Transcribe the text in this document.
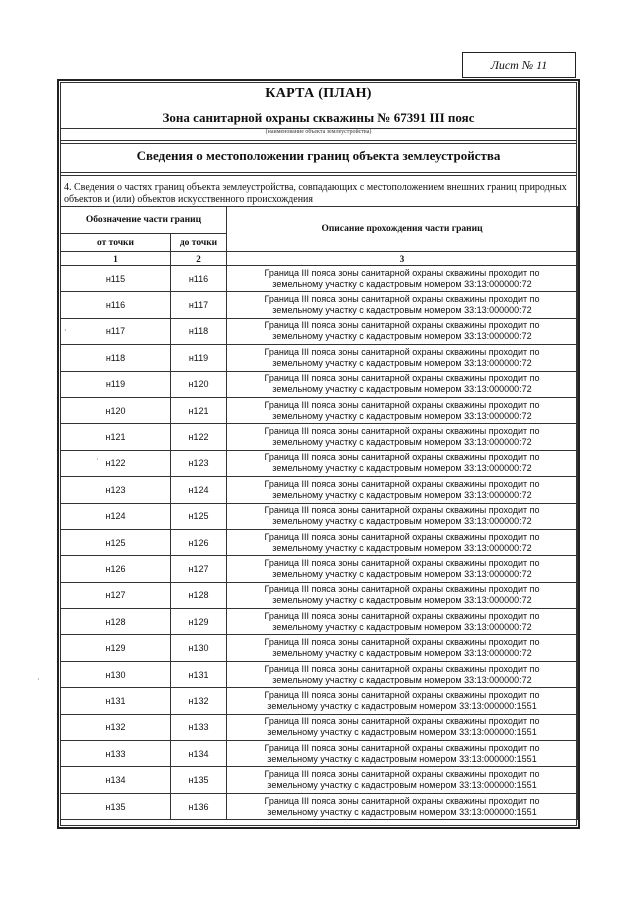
Лист № 11
КАРТА (ПЛАН)
Зона санитарной охраны скважины № 67391 III пояс
(наименование объекта землеустройства)
Сведения о местоположении границ объекта землеустройства
4. Сведения о частях границ объекта землеустройства, совпадающих с местоположением внешних границ природных объектов и (или) объектов искусственного происхождения
Обозначение части границ		Описание прохождения части границ
от точки	до точки	
1	2	3
н115	н116	Граница III пояса зоны санитарной охраны скважины проходит по
земельному участку с кадастровым номером 33:13:000000:72

н116	н117	Граница III пояса зоны санитарной охраны скважины проходит по
земельному участку с кадастровым номером 33:13:000000:72

н117	н118	Граница III пояса зоны санитарной охраны скважины проходит по
земельному участку с кадастровым номером 33:13:000000:72

н118	н119	Граница III пояса зоны санитарной охраны скважины проходит по
земельному участку с кадастровым номером 33:13:000000:72

н119	н120	Граница III пояса зоны санитарной охраны скважины проходит по
земельному участку с кадастровым номером 33:13:000000:72

н120	н121	Граница III пояса зоны санитарной охраны скважины проходит по
земельному участку с кадастровым номером 33:13:000000:72

н121	н122	Граница III пояса зоны санитарной охраны скважины проходит по
земельному участку с кадастровым номером 33:13:000000:72

н122	н123	Граница III пояса зоны санитарной охраны скважины проходит по
земельному участку с кадастровым номером 33:13:000000:72

н123	н124	Граница III пояса зоны санитарной охраны скважины проходит по
земельному участку с кадастровым номером 33:13:000000:72

н124	н125	Граница III пояса зоны санитарной охраны скважины проходит по
земельному участку с кадастровым номером 33:13:000000:72

н125	н126	Граница III пояса зоны санитарной охраны скважины проходит по
земельному участку с кадастровым номером 33:13:000000:72

н126	н127	Граница III пояса зоны санитарной охраны скважины проходит по
земельному участку с кадастровым номером 33:13:000000:72

н127	н128	Граница III пояса зоны санитарной охраны скважины проходит по
земельному участку с кадастровым номером 33:13:000000:72

н128	н129	Граница III пояса зоны санитарной охраны скважины проходит по
земельному участку с кадастровым номером 33:13:000000:72

н129	н130	Граница III пояса зоны санитарной охраны скважины проходит по
земельному участку с кадастровым номером 33:13:000000:72

н130	н131	Граница III пояса зоны санитарной охраны скважины проходит по
земельному участку с кадастровым номером 33:13:000000:72

н131	н132	Граница III пояса зоны санитарной охраны скважины проходит по
земельному участку с кадастровым номером 33:13:000000:1551

н132	н133	Граница III пояса зоны санитарной охраны скважины проходит по
земельному участку с кадастровым номером 33:13:000000:1551

н133	н134	Граница III пояса зоны санитарной охраны скважины проходит по
земельному участку с кадастровым номером 33:13:000000:1551

н134	н135	Граница III пояса зоны санитарной охраны скважины проходит по
земельному участку с кадастровым номером 33:13:000000:1551

н135	н136	Граница III пояса зоны санитарной охраны скважины проходит по
земельному участку с кадастровым номером 33:13:000000:1551
·
·
·
